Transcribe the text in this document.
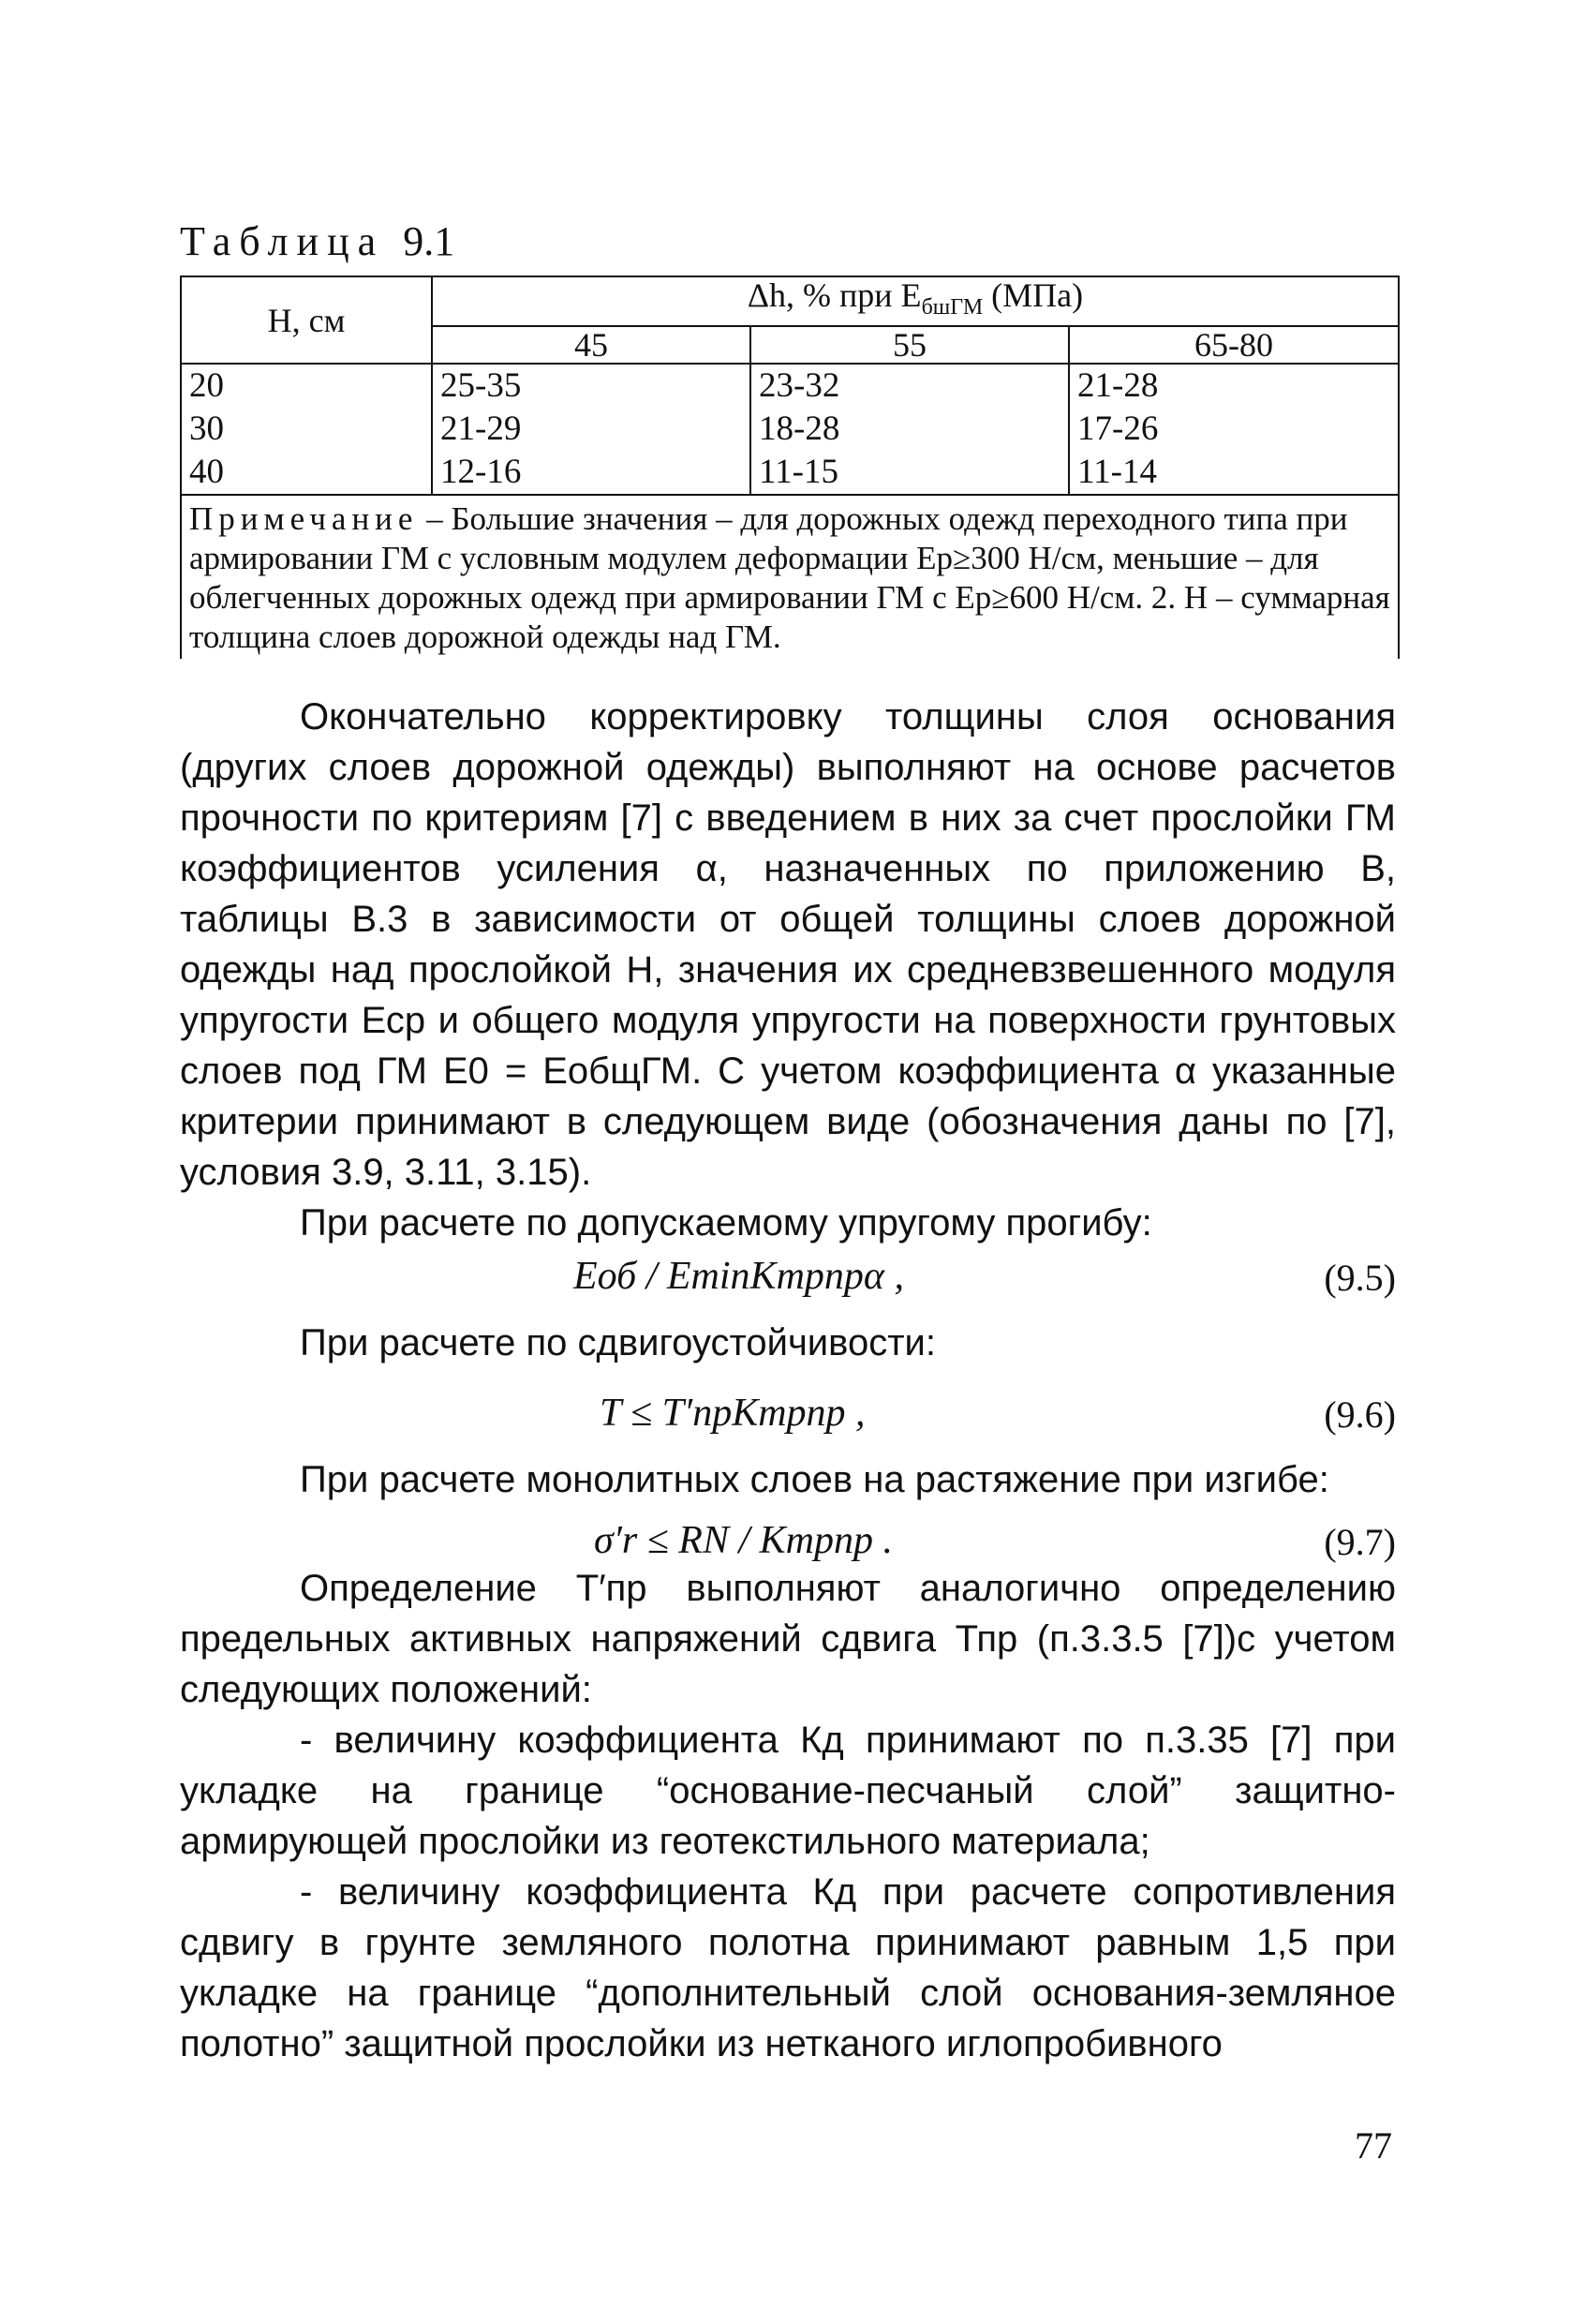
Таблица 9.1
Н, см	Δh, % при $Е_{бшГМ}$ (МПа)		
	45	55	65-80
20	25-35	23-32	21-28
30	21-29	18-28	17-26
40	12-16	11-15	11-14
Примечание – Большие значения – для дорожных одежд переходного типа при армировании ГМ с условным модулем деформации Ер≥300 Н/см, меньшие – для облегченных дорожных одежд при армировании ГМ с Ер≥600 Н/см. 2. Н – суммарная толщина слоев дорожной одежды над ГМ.			

Окончательно корректировку толщины слоя основания (других слоев дорожной одежды) выполняют на основе расчетов прочности по критериям [7] с введением в них за счет прослойки ГМ коэффициентов усиления α, назначенных по приложению В, таблицы В.3 в зависимости от общей толщины слоев дорожной одежды над прослойкой Н, значения их средневзвешенного модуля упругости Еср и общего модуля упругости на поверхности грунтовых слоев под ГМ Е0 = ЕобщГМ. С учетом коэффициента α указанные критерии принимают в следующем виде (обозначения даны по [7], условия 3.9, 3.11, 3.15).

При расчете по допускаемому упругому прогибу:
Eоб / EminKтрпрα ,	(9.5)
При расчете по сдвигоустойчивости:
T ≤ T′прKтрпр ,	(9.6)
При расчете монолитных слоев на растяжение при изгибе:
σ′r ≤ RN / Kтрпр .	(9.7)

Определение Т′пр выполняют аналогично определению предельных активных напряжений сдвига Тпр (п.3.3.5 [7])с учетом следующих положений:

- величину коэффициента Кд принимают по п.3.35 [7] при укладке на границе “основание-песчаный слой” защитно-армирующей прослойки из геотекстильного материала;

- величину коэффициента Кд при расчете сопротивления сдвигу в грунте земляного полотна принимают равным 1,5 при укладке на границе “дополнительный слой основания-земляное полотно” защитной прослойки из нетканого иглопробивного

77
